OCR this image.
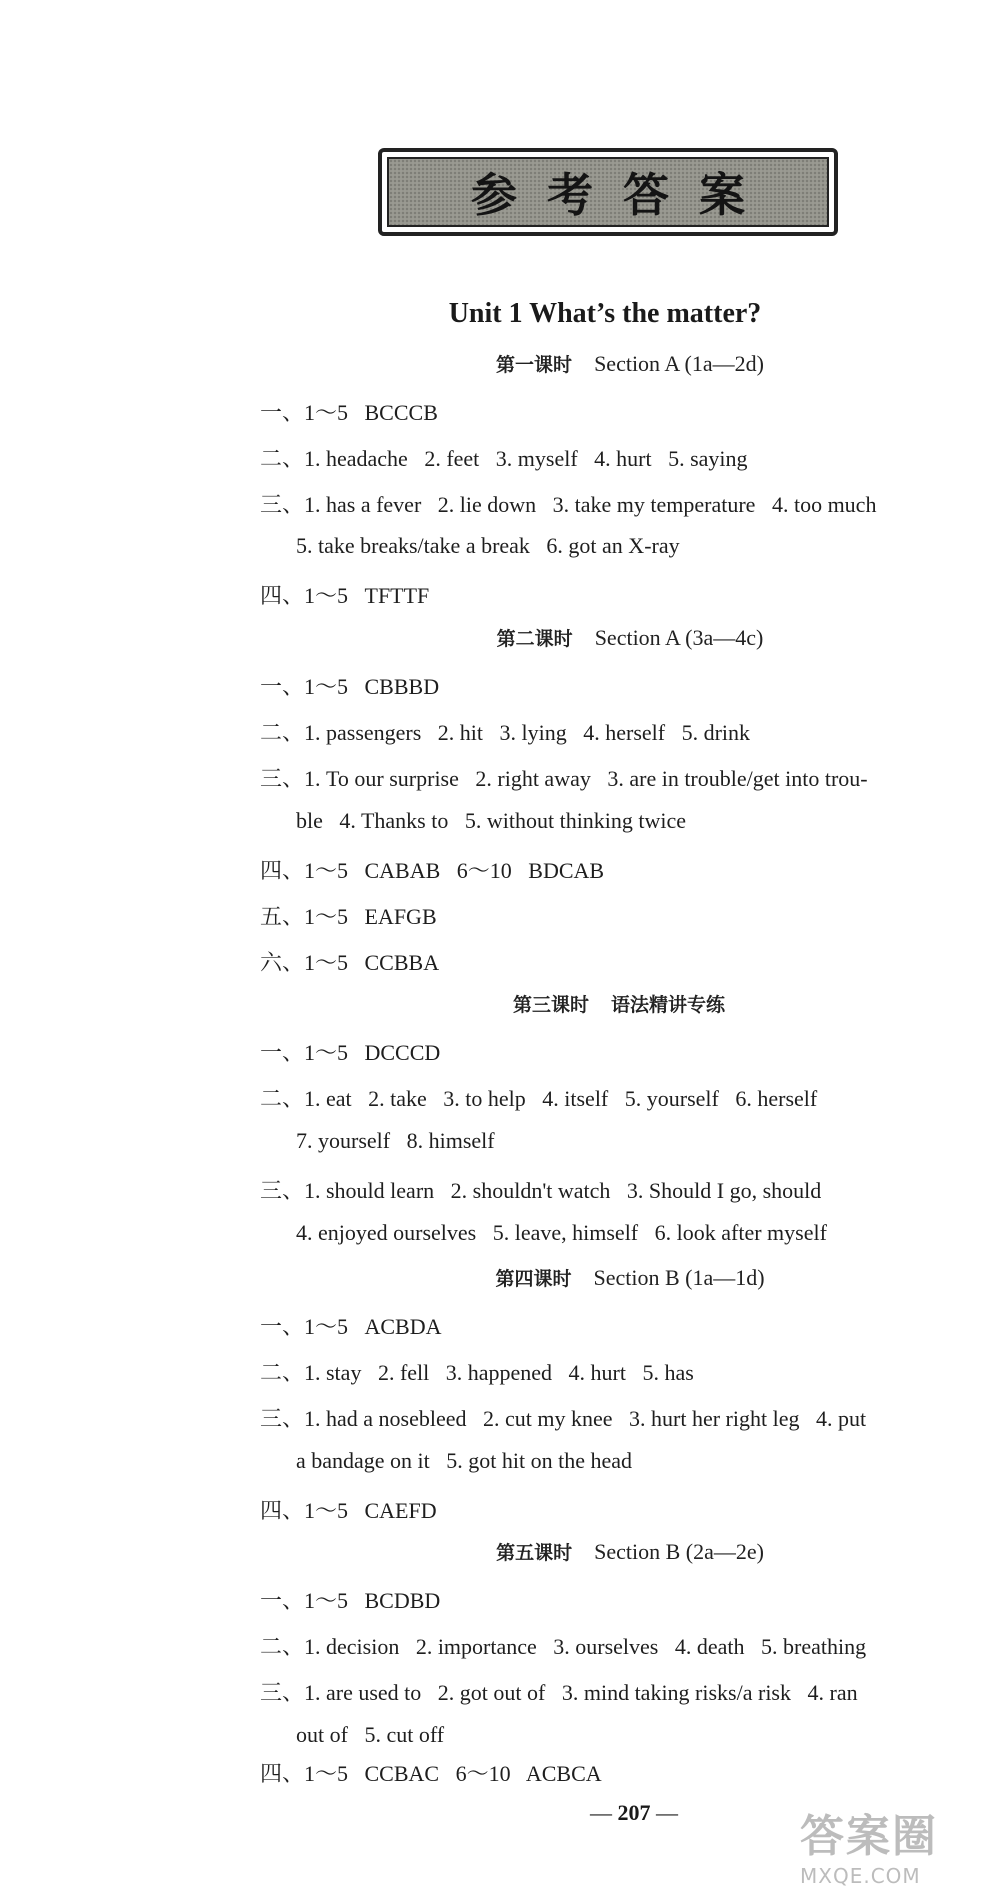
参考答案
Unit 1 What’s the matter?
第一课时 Section A (1a—2d)
一、1～5   BCCCB
二、1. headache   2. feet   3. myself   4. hurt   5. saying
三、1. has a fever   2. lie down   3. take my temperature   4. too much
5. take breaks/take a break   6. got an X-ray
四、1～5   TFTTF
第二课时 Section A (3a—4c)
一、1～5   CBBBD
二、1. passengers   2. hit   3. lying   4. herself   5. drink
三、1. To our surprise   2. right away   3. are in trouble/get into trou-
ble   4. Thanks to   5. without thinking twice
四、1～5   CABAB   6～10   BDCAB
五、1～5   EAFGB
六、1～5   CCBBA
第三课时 语法精讲专练
一、1～5   DCCCD
二、1. eat   2. take   3. to help   4. itself   5. yourself   6. herself
7. yourself   8. himself
三、1. should learn   2. shouldn't watch   3. Should I go, should
4. enjoyed ourselves   5. leave, himself   6. look after myself
第四课时 Section B (1a—1d)
一、1～5   ACBDA
二、1. stay   2. fell   3. happened   4. hurt   5. has
三、1. had a nosebleed   2. cut my knee   3. hurt her right leg   4. put
a bandage on it   5. got hit on the head
四、1～5   CAEFD
第五课时 Section B (2a—2e)
一、1～5   BCDBD
二、1. decision   2. importance   3. ourselves   4. death   5. breathing
三、1. are used to   2. got out of   3. mind taking risks/a risk   4. ran
out of   5. cut off
四、1～5   CCBAC   6～10   ACBCA
— 207 —	答案圈
MXQE.COM
